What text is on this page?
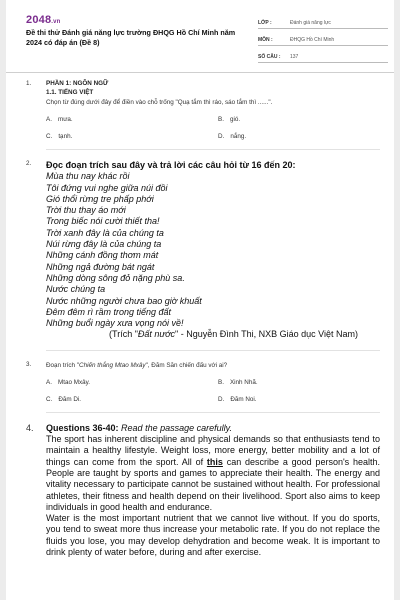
2048.vn
Đề thi thử Đánh giá năng lực trường ĐHQG Hồ Chí Minh năm 2024 có đáp án (Đề 8)
LỚP :	Đánh giá năng lực
MÔN :	ĐHQG Hồ Chí Minh
SỐ CÂU :	137
1. PHẦN 1: NGÔN NGỮ
1.1. TIẾNG VIỆT
Chọn từ đúng dưới đây để điền vào chỗ trống "Quạ tắm thì ráo, sáo tắm thì ......".
A. mưa.	B. gió.
C. tạnh.	D. nắng.
2. Đọc đoạn trích sau đây và trả lời các câu hỏi từ 16 đến 20:
Mùa thu nay khác rồi
Tôi đứng vui nghe giữa núi đồi
Gió thổi rừng tre phấp phới
Trời thu thay áo mới
Trong biếc nói cười thiết tha!
Trời xanh đây là của chúng ta
Núi rừng đây là của chúng ta
Những cánh đồng thơm mát
Những ngả đường bát ngát
Những dòng sông đỏ nặng phù sa.
Nước chúng ta
Nước những người chưa bao giờ khuất
Đêm đêm rì rầm trong tiếng đất
Những buổi ngày xưa vọng nói về!
(Trích "Đất nước" - Nguyễn Đình Thi, NXB Giáo dục Việt Nam)
3. Đoạn trích "Chiến thắng Mtao Mxây", Đăm Săn chiến đấu với ai?
A. Mtao Mxây.	B. Xinh Nhã.
C. Đăm Di.	D. Đăm Noi.
4. Questions 36-40: Read the passage carefully.

The sport has inherent discipline and physical demands so that enthusiasts tend to maintain a healthy lifestyle. Weight loss, more energy, better mobility and a lot of things can come from the sport. All of this can describe a good person's health. People are taught by sports and games to appreciate their health. The energy and vitality necessary to participate cannot be sustained without health. For professional athletes, their fitness and health depend on their livelihood. Sport also aims to keep individuals in good health and endurance.

Water is the most important nutrient that we cannot live without. If you do sports, you tend to sweat more thus increase your metabolic rate. If you do not replace the fluids you lose, you may develop dehydration and become weak. It is important to drink plenty of water before, during and after exercise.
